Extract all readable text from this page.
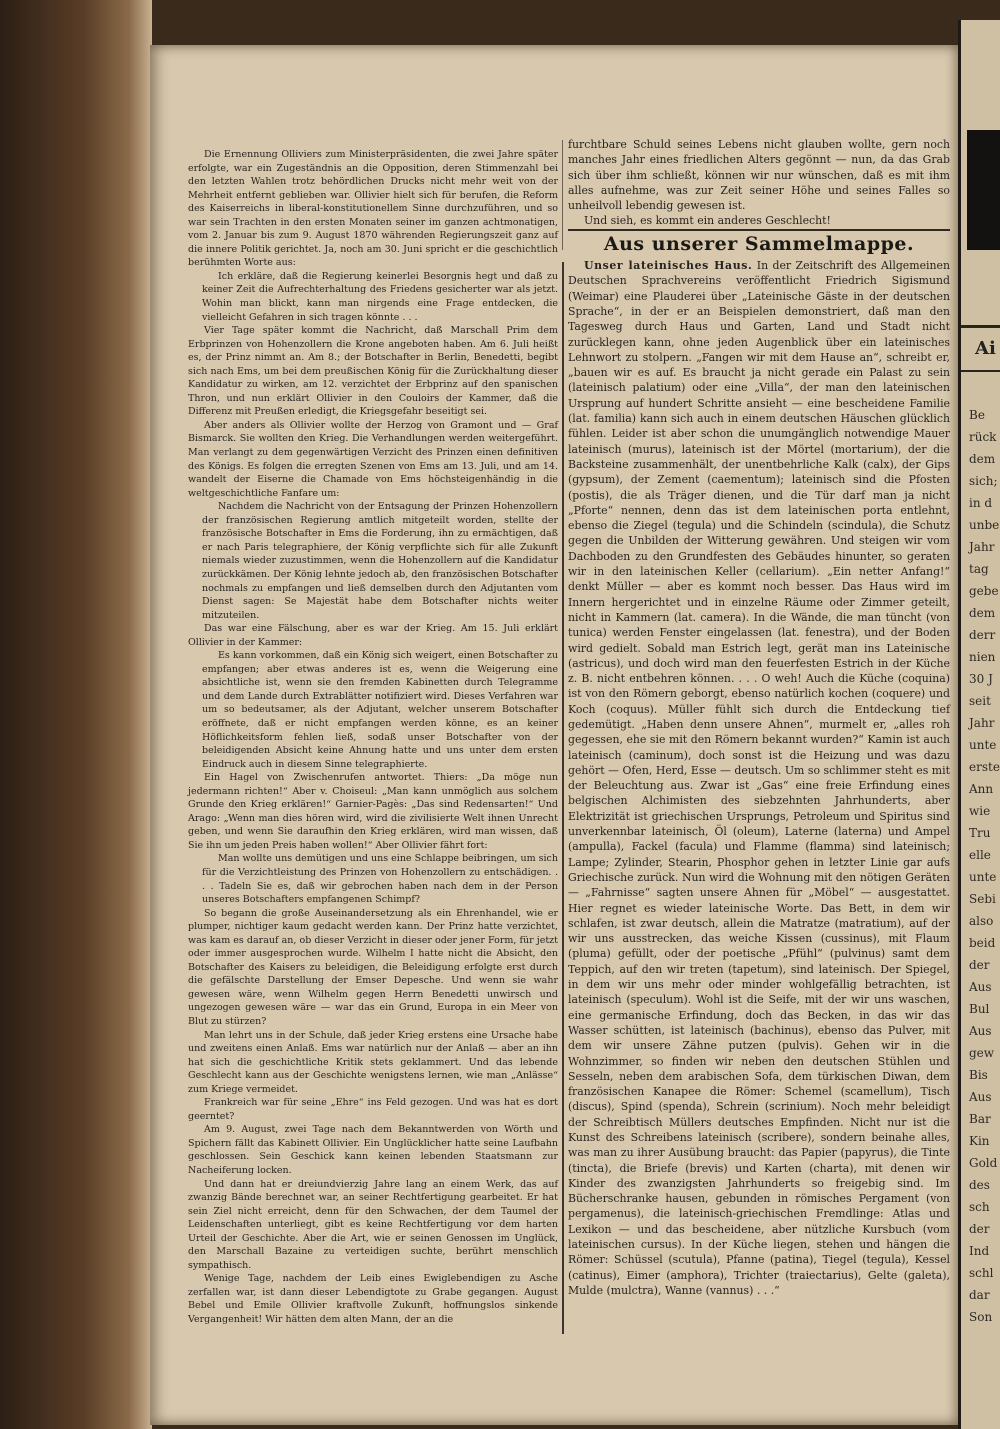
Ai
Be
rück
dem
sich;
in d
unbe
Jahr
tag
gebe
dem
derr
nien
30 J
seit
Jahr
unte
erste
Ann
wie
Tru
elle
unte
Sebi
also
beid
der
Aus
Bul
Aus
gew
Bis
Aus
Bar
Kin
Gold
des
sch
der
Ind
schl
dar
Son

Die Ernennung Olliviers zum Ministerpräsidenten, die zwei Jahre später erfolgte, war ein Zugeständnis an die Opposition, deren Stimmenzahl bei den letzten Wahlen trotz behördlichen Drucks nicht mehr weit von der Mehrheit entfernt geblieben war. Ollivier hielt sich für berufen, die Reform des Kaiserreichs in liberal-konstitutionellem Sinne durchzuführen, und so war sein Trachten in den ersten Monaten seiner im ganzen achtmonatigen, vom 2. Januar bis zum 9. August 1870 währenden Regierungszeit ganz auf die innere Politik gerichtet. Ja, noch am 30. Juni spricht er die geschichtlich berühmten Worte aus:

Ich erkläre, daß die Regierung keinerlei Besorgnis hegt und daß zu keiner Zeit die Aufrechterhaltung des Friedens gesicherter war als jetzt. Wohin man blickt, kann man nirgends eine Frage entdecken, die vielleicht Gefahren in sich tragen könnte . . .

Vier Tage später kommt die Nachricht, daß Marschall Prim dem Erbprinzen von Hohenzollern die Krone angeboten haben. Am 6. Juli heißt es, der Prinz nimmt an. Am 8.; der Botschafter in Berlin, Benedetti, begibt sich nach Ems, um bei dem preußischen König für die Zurückhaltung dieser Kandidatur zu wirken, am 12. verzichtet der Erbprinz auf den spanischen Thron, und nun erklärt Ollivier in den Couloirs der Kammer, daß die Differenz mit Preußen erledigt, die Kriegsgefahr beseitigt sei.

Aber anders als Ollivier wollte der Herzog von Gramont und — Graf Bismarck. Sie wollten den Krieg. Die Verhandlungen werden weitergeführt. Man verlangt zu dem gegenwärtigen Verzicht des Prinzen einen definitiven des Königs. Es folgen die erregten Szenen von Ems am 13. Juli, und am 14. wandelt der Eiserne die Chamade von Ems höchsteigenhändig in die weltgeschichtliche Fanfare um:

Nachdem die Nachricht von der Entsagung der Prinzen Hohenzollern der französischen Regierung amtlich mitgeteilt worden, stellte der französische Botschafter in Ems die Forderung, ihn zu ermächtigen, daß er nach Paris telegraphiere, der König verpflichte sich für alle Zukunft niemals wieder zuzustimmen, wenn die Hohenzollern auf die Kandidatur zurückkämen. Der König lehnte jedoch ab, den französischen Botschafter nochmals zu empfangen und ließ demselben durch den Adjutanten vom Dienst sagen: Se Majestät habe dem Botschafter nichts weiter mitzuteilen.

Das war eine Fälschung, aber es war der Krieg. Am 15. Juli erklärt Ollivier in der Kammer:

Es kann vorkommen, daß ein König sich weigert, einen Botschafter zu empfangen; aber etwas anderes ist es, wenn die Weigerung eine absichtliche ist, wenn sie den fremden Kabinetten durch Telegramme und dem Lande durch Extrablätter notifiziert wird. Dieses Verfahren war um so bedeutsamer, als der Adjutant, welcher unserem Botschafter eröffnete, daß er nicht empfangen werden könne, es an keiner Höflichkeitsform fehlen ließ, sodaß unser Botschafter von der beleidigenden Absicht keine Ahnung hatte und uns unter dem ersten Eindruck auch in diesem Sinne telegraphierte.

Ein Hagel von Zwischenrufen antwortet. Thiers: „Da möge nun jedermann richten!“ Aber v. Choiseul: „Man kann unmöglich aus solchem Grunde den Krieg erklären!“ Garnier-Pagès: „Das sind Redensarten!“ Und Arago: „Wenn man dies hören wird, wird die zivilisierte Welt ihnen Unrecht geben, und wenn Sie daraufhin den Krieg erklären, wird man wissen, daß Sie ihn um jeden Preis haben wollen!“ Aber Ollivier fährt fort:

Man wollte uns demütigen und uns eine Schlappe beibringen, um sich für die Verzichtleistung des Prinzen von Hohenzollern zu entschädigen. . . . Tadeln Sie es, daß wir gebrochen haben nach dem in der Person unseres Botschafters empfangenen Schimpf?

So begann die große Auseinandersetzung als ein Ehrenhandel, wie er plumper, nichtiger kaum gedacht werden kann. Der Prinz hatte verzichtet, was kam es darauf an, ob dieser Verzicht in dieser oder jener Form, für jetzt oder immer ausgesprochen wurde. Wilhelm I hatte nicht die Absicht, den Botschafter des Kaisers zu beleidigen, die Beleidigung erfolgte erst durch die gefälschte Darstellung der Emser Depesche. Und wenn sie wahr gewesen wäre, wenn Wilhelm gegen Herrn Benedetti unwirsch und ungezogen gewesen wäre — war das ein Grund, Europa in ein Meer von Blut zu stürzen?

Man lehrt uns in der Schule, daß jeder Krieg erstens eine Ursache habe und zweitens einen Anlaß. Ems war natürlich nur der Anlaß — aber an ihn hat sich die geschichtliche Kritik stets geklammert. Und das lebende Geschlecht kann aus der Geschichte wenigstens lernen, wie man „Anlässe“ zum Kriege vermeidet.

Frankreich war für seine „Ehre“ ins Feld gezogen. Und was hat es dort geerntet?

Am 9. August, zwei Tage nach dem Bekanntwerden von Wörth und Spichern fällt das Kabinett Ollivier. Ein Unglücklicher hatte seine Laufbahn geschlossen. Sein Geschick kann keinen lebenden Staatsmann zur Nacheiferung locken.

Und dann hat er dreiundvierzig Jahre lang an einem Werk, das auf zwanzig Bände berechnet war, an seiner Rechtfertigung gearbeitet. Er hat sein Ziel nicht erreicht, denn für den Schwachen, der dem Taumel der Leidenschaften unterliegt, gibt es keine Rechtfertigung vor dem harten Urteil der Geschichte. Aber die Art, wie er seinen Genossen im Unglück, den Marschall Bazaine zu verteidigen suchte, berührt menschlich sympathisch.

Wenige Tage, nachdem der Leib eines Ewiglebendigen zu Asche zerfallen war, ist dann dieser Lebendigtote zu Grabe gegangen. August Bebel und Emile Ollivier kraftvolle Zukunft, hoffnungslos sinkende Vergangenheit! Wir hätten dem alten Mann, der an die

furchtbare Schuld seines Lebens nicht glauben wollte, gern noch manches Jahr eines friedlichen Alters gegönnt — nun, da das Grab sich über ihm schließt, können wir nur wünschen, daß es mit ihm alles aufnehme, was zur Zeit seiner Höhe und seines Falles so unheilvoll lebendig gewesen ist.

Und sieh, es kommt ein anderes Geschlecht!

Aus unserer Sammelmappe.

Unser lateinisches Haus. In der Zeitschrift des Allgemeinen Deutschen Sprachvereins veröffentlicht Friedrich Sigismund (Weimar) eine Plauderei über „Lateinische Gäste in der deutschen Sprache“, in der er an Beispielen demonstriert, daß man den Tagesweg durch Haus und Garten, Land und Stadt nicht zurücklegen kann, ohne jeden Augenblick über ein lateinisches Lehnwort zu stolpern. „Fangen wir mit dem Hause an“, schreibt er, „bauen wir es auf. Es braucht ja nicht gerade ein Palast zu sein (lateinisch palatium) oder eine „Villa“, der man den lateinischen Ursprung auf hundert Schritte ansieht — eine bescheidene Familie (lat. familia) kann sich auch in einem deutschen Häuschen glücklich fühlen. Leider ist aber schon die unumgänglich notwendige Mauer lateinisch (murus), lateinisch ist der Mörtel (mortarium), der die Backsteine zusammenhält, der unentbehrliche Kalk (calx), der Gips (gypsum), der Zement (caementum); lateinisch sind die Pfosten (postis), die als Träger dienen, und die Tür darf man ja nicht „Pforte“ nennen, denn das ist dem lateinischen porta entlehnt, ebenso die Ziegel (tegula) und die Schindeln (scindula), die Schutz gegen die Unbilden der Witterung gewähren. Und steigen wir vom Dachboden zu den Grundfesten des Gebäudes hinunter, so geraten wir in den lateinischen Keller (cellarium). „Ein netter Anfang!“ denkt Müller — aber es kommt noch besser. Das Haus wird im Innern hergerichtet und in einzelne Räume oder Zimmer geteilt, nicht in Kammern (lat. camera). In die Wände, die man tüncht (von tunica) werden Fenster eingelassen (lat. fenestra), und der Boden wird gedielt. Sobald man Estrich legt, gerät man ins Lateinische (astricus), und doch wird man den feuerfesten Estrich in der Küche z. B. nicht entbehren können. . . . O weh! Auch die Küche (coquina) ist von den Römern geborgt, ebenso natürlich kochen (coquere) und Koch (coquus). Müller fühlt sich durch die Entdeckung tief gedemütigt. „Haben denn unsere Ahnen“, murmelt er, „alles roh gegessen, ehe sie mit den Römern bekannt wurden?“ Kamin ist auch lateinisch (caminum), doch sonst ist die Heizung und was dazu gehört — Ofen, Herd, Esse — deutsch. Um so schlimmer steht es mit der Beleuchtung aus. Zwar ist „Gas“ eine freie Erfindung eines belgischen Alchimisten des siebzehnten Jahrhunderts, aber Elektrizität ist griechischen Ursprungs, Petroleum und Spiritus sind unverkennbar lateinisch, Öl (oleum), Laterne (laterna) und Ampel (ampulla), Fackel (facula) und Flamme (flamma) sind lateinisch; Lampe; Zylinder, Stearin, Phosphor gehen in letzter Linie gar aufs Griechische zurück. Nun wird die Wohnung mit den nötigen Geräten — „Fahrnisse“ sagten unsere Ahnen für „Möbel“ — ausgestattet. Hier regnet es wieder lateinische Worte. Das Bett, in dem wir schlafen, ist zwar deutsch, allein die Matratze (matratium), auf der wir uns ausstrecken, das weiche Kissen (cussinus), mit Flaum (pluma) gefüllt, oder der poetische „Pfühl“ (pulvinus) samt dem Teppich, auf den wir treten (tapetum), sind lateinisch. Der Spiegel, in dem wir uns mehr oder minder wohlgefällig betrachten, ist lateinisch (speculum). Wohl ist die Seife, mit der wir uns waschen, eine germanische Erfindung, doch das Becken, in das wir das Wasser schütten, ist lateinisch (bachinus), ebenso das Pulver, mit dem wir unsere Zähne putzen (pulvis). Gehen wir in die Wohnzimmer, so finden wir neben den deutschen Stühlen und Sesseln, neben dem arabischen Sofa, dem türkischen Diwan, dem französischen Kanapee die Römer: Schemel (scamellum), Tisch (discus), Spind (spenda), Schrein (scrinium). Noch mehr beleidigt der Schreibtisch Müllers deutsches Empfinden. Nicht nur ist die Kunst des Schreibens lateinisch (scribere), sondern beinahe alles, was man zu ihrer Ausübung braucht: das Papier (papyrus), die Tinte (tincta), die Briefe (brevis) und Karten (charta), mit denen wir Kinder des zwanzigsten Jahrhunderts so freigebig sind. Im Bücherschranke hausen, gebunden in römisches Pergament (von pergamenus), die lateinisch-griechischen Fremdlinge: Atlas und Lexikon — und das bescheidene, aber nützliche Kursbuch (vom lateinischen cursus). In der Küche liegen, stehen und hängen die Römer: Schüssel (scutula), Pfanne (patina), Tiegel (tegula), Kessel (catinus), Eimer (amphora), Trichter (traiectarius), Gelte (galeta), Mulde (mulctra), Wanne (vannus) . . .“
